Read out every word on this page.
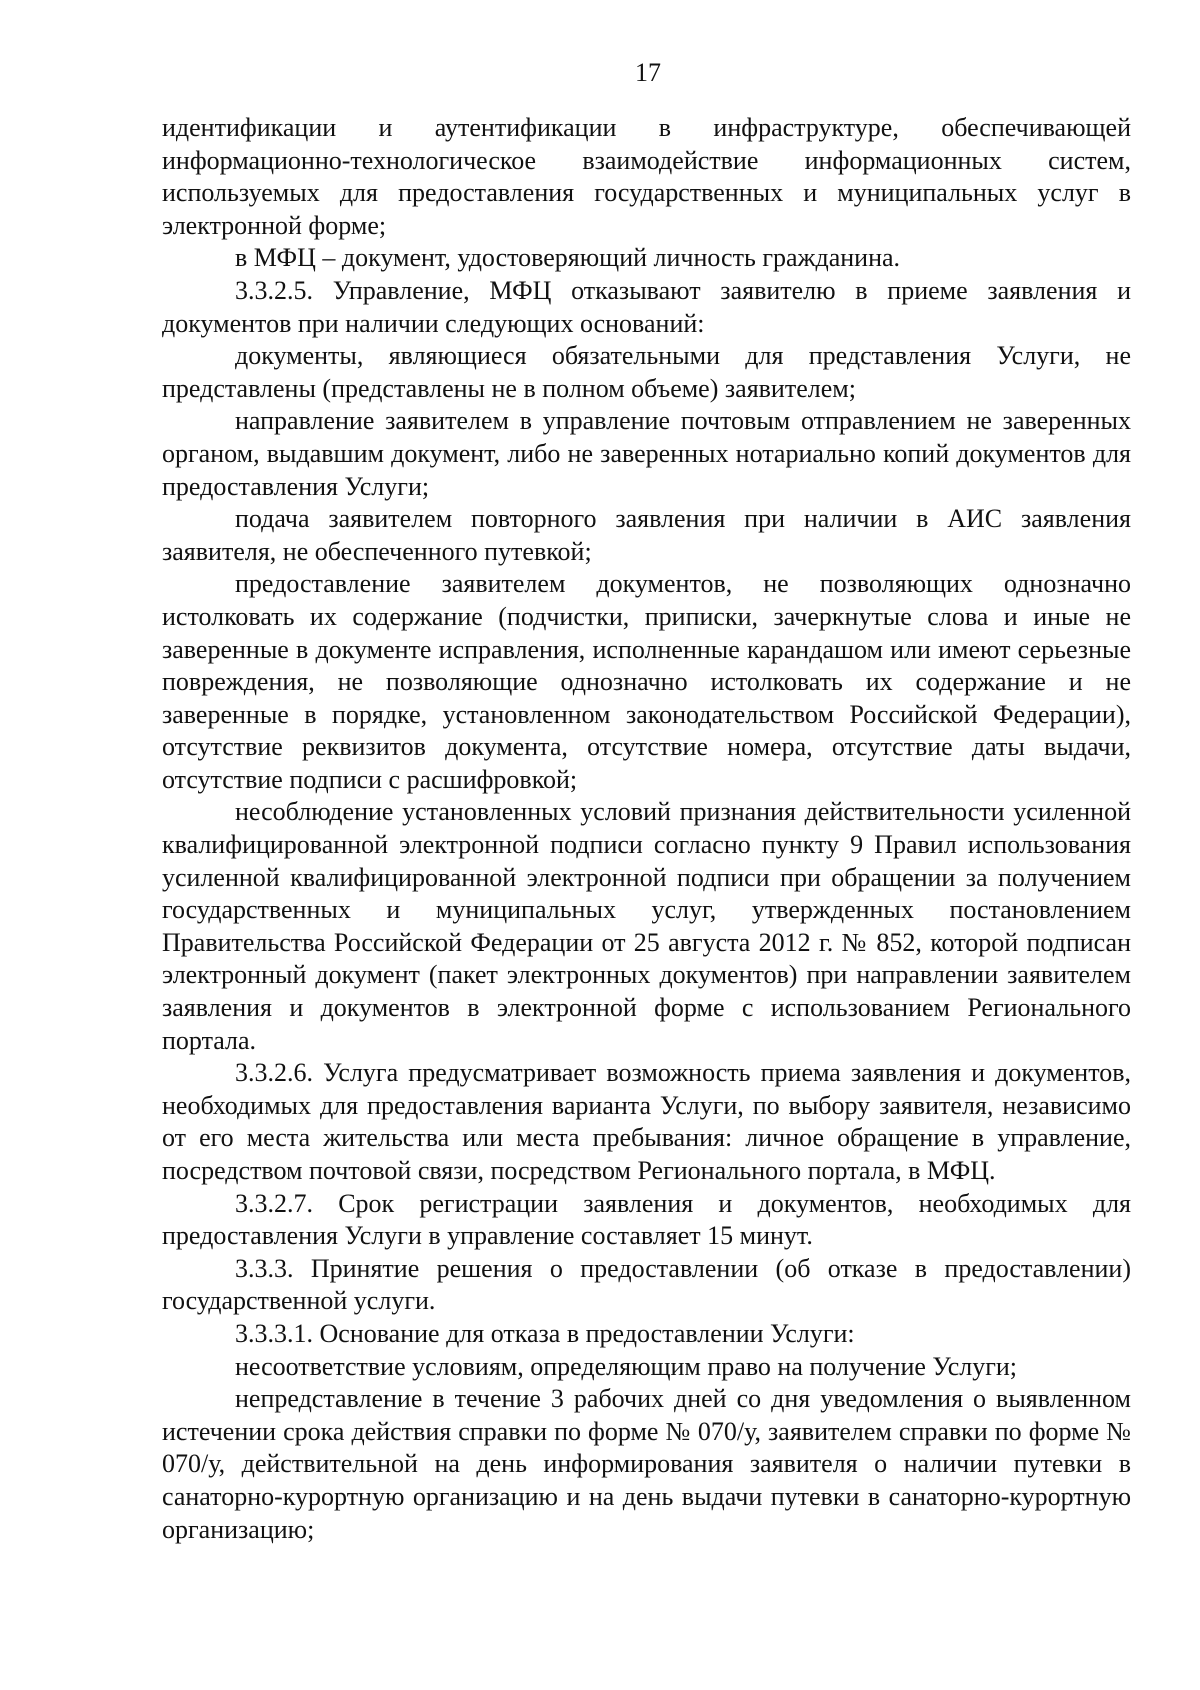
17

идентификации и аутентификации в инфраструктуре, обеспечивающей информационно-технологическое взаимодействие информационных систем, используемых для предоставления государственных и муниципальных услуг в электронной форме;

в МФЦ – документ, удостоверяющий личность гражданина.

3.3.2.5. Управление, МФЦ отказывают заявителю в приеме заявления и документов при наличии следующих оснований:

документы, являющиеся обязательными для представления Услуги, не представлены (представлены не в полном объеме) заявителем;

направление заявителем в управление почтовым отправлением не заверенных органом, выдавшим документ, либо не заверенных нотариально копий документов для предоставления Услуги;

подача заявителем повторного заявления при наличии в АИС заявления заявителя, не обеспеченного путевкой;

предоставление заявителем документов, не позволяющих однозначно истолковать их содержание (подчистки, приписки, зачеркнутые слова и иные не заверенные в документе исправления, исполненные карандашом или имеют серьезные повреждения, не позволяющие однозначно истолковать их содержание и не заверенные в порядке, установленном законодательством Российской Федерации), отсутствие реквизитов документа, отсутствие номера, отсутствие даты выдачи, отсутствие подписи с расшифровкой;

несоблюдение установленных условий признания действительности усиленной квалифицированной электронной подписи согласно пункту 9 Правил использования усиленной квалифицированной электронной подписи при обращении за получением государственных и муниципальных услуг, утвержденных постановлением Правительства Российской Федерации от 25 августа 2012 г. № 852, которой подписан электронный документ (пакет электронных документов) при направлении заявителем заявления и документов в электронной форме с использованием Регионального портала.

3.3.2.6. Услуга предусматривает возможность приема заявления и документов, необходимых для предоставления варианта Услуги, по выбору заявителя, независимо от его места жительства или места пребывания: личное обращение в управление, посредством почтовой связи, посредством Регионального портала, в МФЦ.

3.3.2.7. Срок регистрации заявления и документов, необходимых для предоставления Услуги в управление составляет 15 минут.

3.3.3. Принятие решения о предоставлении (об отказе в предоставлении) государственной услуги.

3.3.3.1. Основание для отказа в предоставлении Услуги:

несоответствие условиям, определяющим право на получение Услуги;

непредставление в течение 3 рабочих дней со дня уведомления о выявленном истечении срока действия справки по форме № 070/у, заявителем справки по форме № 070/у, действительной на день информирования заявителя о наличии путевки в санаторно-курортную организацию и на день выдачи путевки в санаторно-курортную организацию;
